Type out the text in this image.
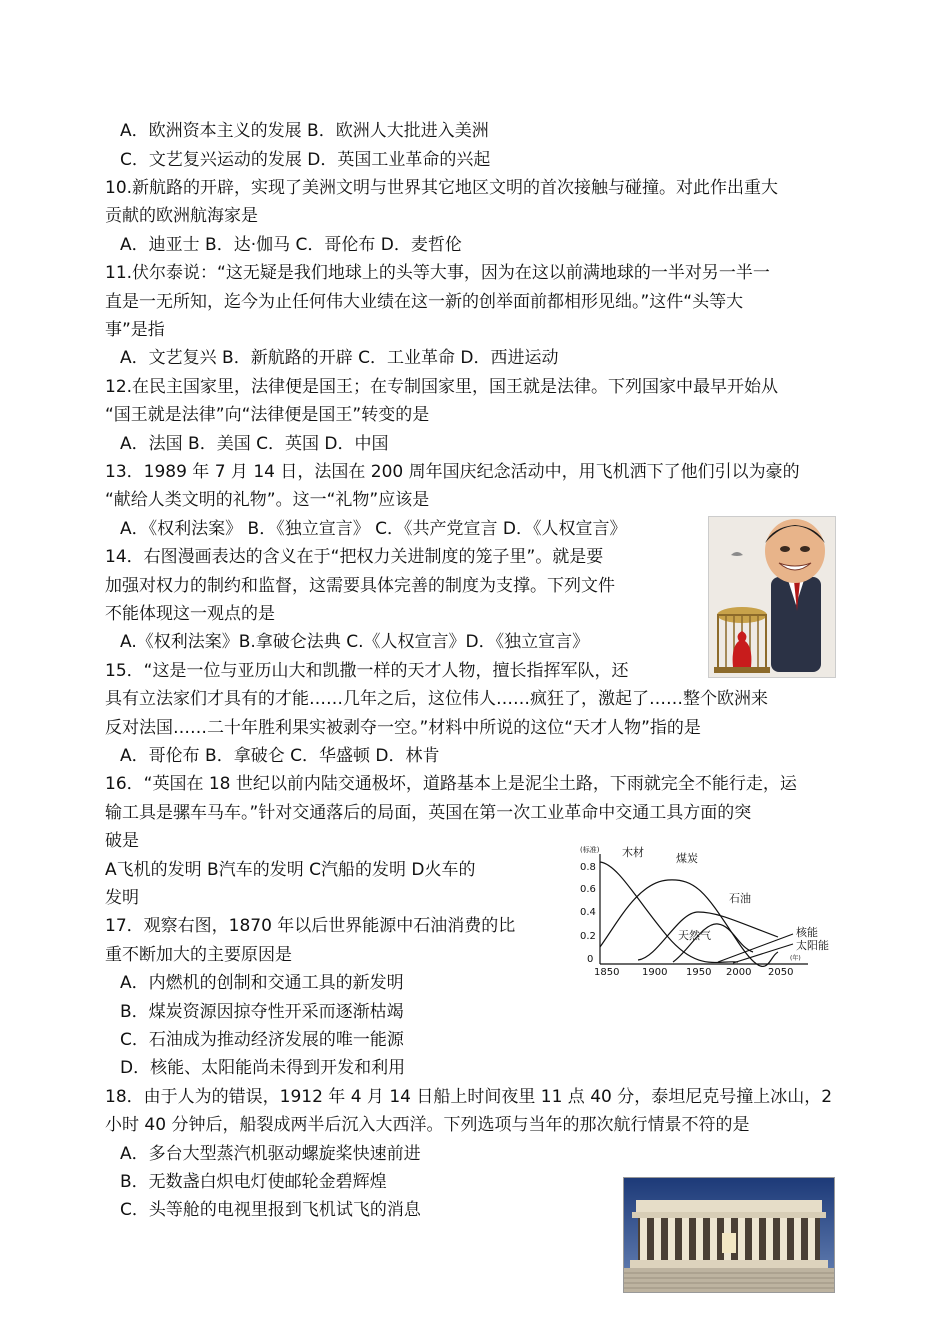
A．欧洲资本主义的发展 B．欧洲人大批进入美洲
C．文艺复兴运动的发展 D．英国工业革命的兴起
10.新航路的开辟，实现了美洲文明与世界其它地区文明的首次接触与碰撞。对此作出重大
贡献的欧洲航海家是
A．迪亚士 B．达·伽马 C．哥伦布 D．麦哲伦
11.伏尔泰说：“这无疑是我们地球上的头等大事，因为在这以前满地球的一半对另一半一
直是一无所知，迄今为止任何伟大业绩在这一新的创举面前都相形见绌。”这件“头等大
事”是指
A．文艺复兴 B．新航路的开辟 C．工业革命 D．西进运动
12.在民主国家里，法律便是国王；在专制国家里，国王就是法律。下列国家中最早开始从
“国王就是法律”向“法律便是国王”转变的是
A．法国 B．美国 C．英国 D．中国
13．1989 年 7 月 14 日，法国在 200 周年国庆纪念活动中，用飞机洒下了他们引以为豪的
“献给人类文明的礼物”。这一“礼物”应该是
A．《权利法案》 B．《独立宣言》 C．《共产党宣言 D．《人权宣言》
14．右图漫画表达的含义在于“把权力关进制度的笼子里”。就是要
加强对权力的制约和监督，这需要具体完善的制度为支撑。下列文件
不能体现这一观点的是
A.《权利法案》B.拿破仑法典 C.《人权宣言》D．《独立宣言》
15．“这是一位与亚历山大和凯撒一样的天才人物，擅长指挥军队，还
具有立法家们才具有的才能……几年之后，这位伟人……疯狂了，激起了……整个欧洲来
反对法国……二十年胜利果实被剥夺一空。”材料中所说的这位“天才人物”指的是
A．哥伦布 B．拿破仑 C．华盛顿 D．林肯
16．“英国在 18 世纪以前内陆交通极坏，道路基本上是泥尘土路，下雨就完全不能行走，运
输工具是骡车马车。”针对交通落后的局面，英国在第一次工业革命中交通工具方面的突
破是
A飞机的发明 B汽车的发明 C汽船的发明 D火车的
发明
17．观察右图，1870 年以后世界能源中石油消费的比
重不断加大的主要原因是
A．内燃机的创制和交通工具的新发明
B．煤炭资源因掠夺性开采而逐渐枯竭
C．石油成为推动经济发展的唯一能源
D．核能、太阳能尚未得到开发和利用
18．由于人为的错误，1912 年 4 月 14 日船上时间夜里 11 点 40 分，泰坦尼克号撞上冰山，2
小时 40 分钟后，船裂成两半后沉入大西洋。下列选项与当年的那次航行情景不符的是
A．多台大型蒸汽机驱动螺旋桨快速前进
B．无数盏白炽电灯使邮轮金碧辉煌
C．头等舱的电视里报到飞机试飞的消息
(标准)
0.8
0.6
0.4
0.2
0
1850 1900 1950 2000 2050
(年)
木材	煤炭
石油
天然气	核能
太阳能
